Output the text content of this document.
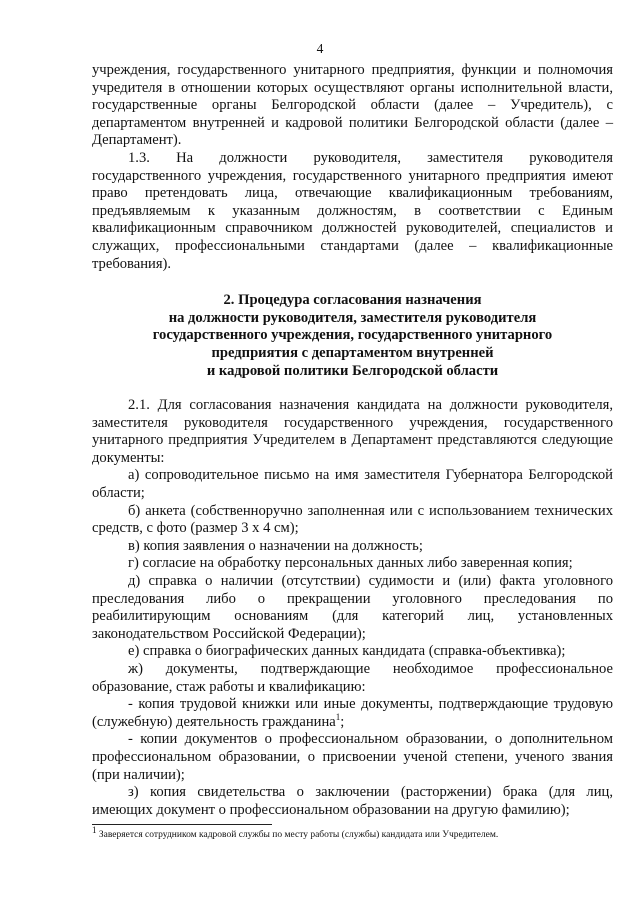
4

учреждения, государственного унитарного предприятия, функции и полномочия учредителя в отношении которых осуществляют органы исполнительной власти, государственные органы Белгородской области (далее – Учредитель), с департаментом внутренней и кадровой политики Белгородской области (далее – Департамент).

1.3. На должности руководителя, заместителя руководителя государственного учреждения, государственного унитарного предприятия имеют право претендовать лица, отвечающие квалификационным требованиям, предъявляемым к указанным должностям, в соответствии с Единым квалификационным справочником должностей руководителей, специалистов и служащих, профессиональными стандартами (далее – квалификационные требования).

2. Процедура согласования назначения
на должности руководителя, заместителя руководителя
государственного учреждения, государственного унитарного
предприятия с департаментом внутренней
и кадровой политики Белгородской области

2.1. Для согласования назначения кандидата на должности руководителя, заместителя руководителя государственного учреждения, государственного унитарного предприятия Учредителем в Департамент представляются следующие документы:

а) сопроводительное письмо на имя заместителя Губернатора Белгородской области;

б) анкета (собственноручно заполненная или с использованием технических средств, с фото (размер 3 х 4 см);

в) копия заявления о назначении на должность;

г) согласие на обработку персональных данных либо заверенная копия;

д) справка о наличии (отсутствии) судимости и (или) факта уголовного преследования либо о прекращении уголовного преследования по реабилитирующим основаниям (для категорий лиц, установленных законодательством Российской Федерации);

е) справка о биографических данных кандидата (справка-объективка);

ж) документы, подтверждающие необходимое профессиональное образование, стаж работы и квалификацию:

- копия трудовой книжки или иные документы, подтверждающие трудовую (служебную) деятельность гражданина$^1$;

- копии документов о профессиональном образовании, о дополнительном профессиональном образовании, о присвоении ученой степени, ученого звания (при наличии);

з) копия свидетельства о заключении (расторжении) брака (для лиц, имеющих документ о профессиональном образовании на другую фамилию);

$^1$ Заверяется сотрудником кадровой службы по месту работы (службы) кандидата или Учредителем.
